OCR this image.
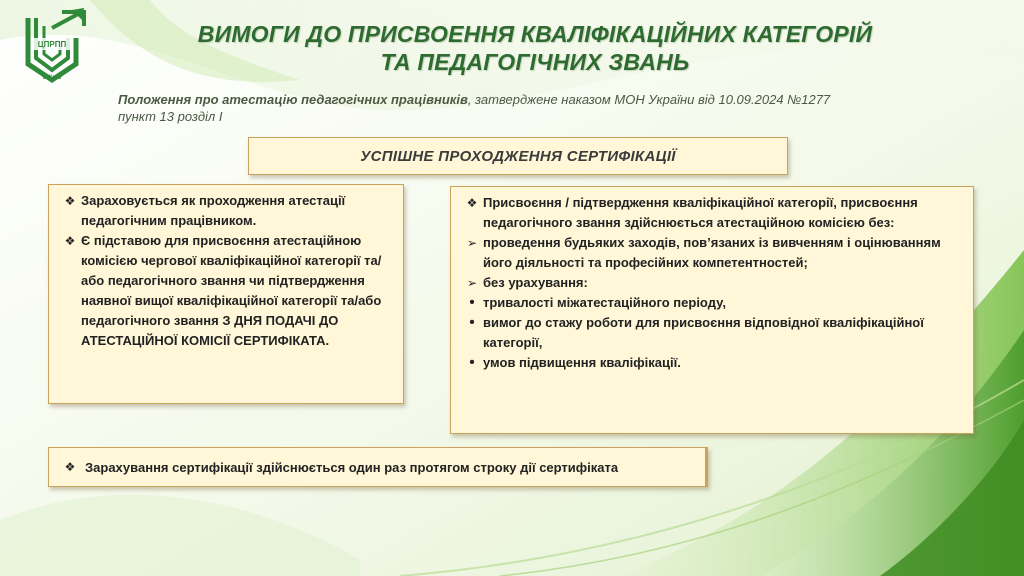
ЦПРПП
м.Київ
ВИМОГИ ДО ПРИСВОЕННЯ КВАЛІФІКАЦІЙНИХ КАТЕГОРІЙ
ТА ПЕДАГОГІЧНИХ ЗВАНЬ
Положення про атестацію педагогічних працівників, затверджене наказом МОН України від 10.09.2024 №1277
пункт 13 розділ І
УСПІШНЕ ПРОХОДЖЕННЯ СЕРТИФІКАЦІЇ
❖ Зараховується як проходження атестації педагогічним працівником.
❖ Є підставою для присвоєння атестаційною комісією чергової кваліфікаційної категорії та/або педагогічного звання чи підтвердження наявної вищої кваліфікаційної категорії та/або педагогічного звання З ДНЯ ПОДАЧІ ДО АТЕСТАЦІЙНОЇ КОМІСІЇ СЕРТИФІКАТА.
❖ Присвоєння / підтвердження кваліфікаційної категорії, присвоєння педагогічного звання здійснюється атестаційною комісією без:
➢ проведення будьяких заходів, пов’язаних із вивченням і оцінюванням його діяльності та професійних компетентностей;
➢ без урахування:
• тривалості міжатестаційного періоду,
• вимог до стажу роботи для присвоєння відповідної кваліфікаційної категорії,
• умов підвищення кваліфікації.
❖ Зарахування сертифікації здійснюється один раз протягом строку дії сертифіката
